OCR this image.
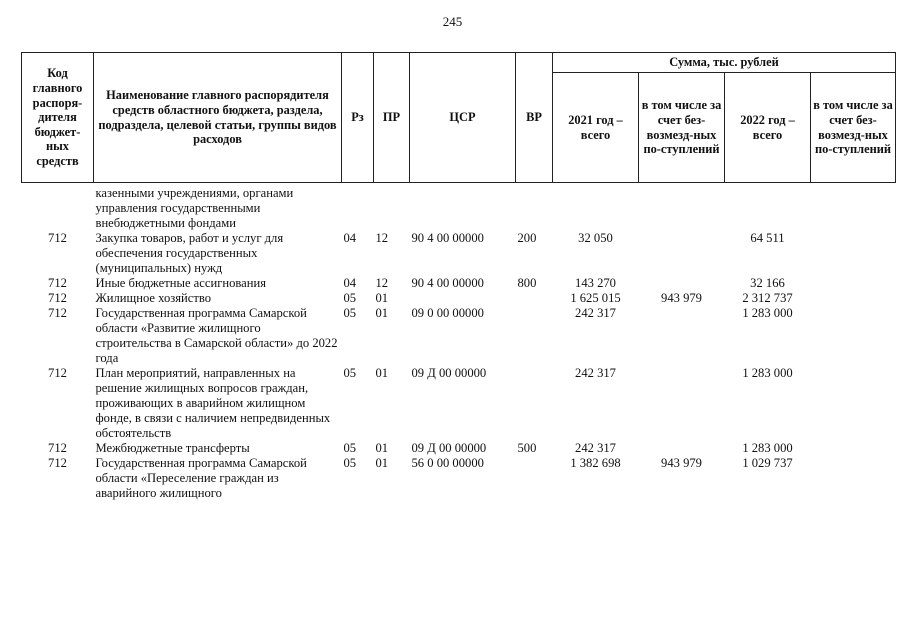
245
Код главного распоря-дителя бюджет-ных средств	Наименование главного распорядителя средств областного бюджета, раздела, подраздела, целевой статьи, группы видов расходов	Рз	ПР	ЦСР	ВР	Сумма, тыс. рублей			
						2021 год – всего	в том числе за счет без-возмезд-ных по-ступлений	2022 год – всего	в том числе за счет без-возмезд-ных по-ступлений
	казенными учреждениями, органами управления государственными внебюджетными фондами								
712	Закупка товаров, работ и услуг для обеспечения государственных (муниципальных) нужд	04	12	90 4 00 00000	200	32 050		64 511	
712	Иные бюджетные ассигнования	04	12	90 4 00 00000	800	143 270		32 166	
712	Жилищное хозяйство	05	01			1 625 015	943 979	2 312 737	
712	Государственная программа Самарской области «Развитие жилищного строительства в Самарской области» до 2022 года	05	01	09 0 00 00000		242 317		1 283 000	
712	План мероприятий, направленных на решение жилищных вопросов граждан, проживающих в аварийном жилищном фонде, в связи с наличием непредвиденных обстоятельств	05	01	09 Д 00 00000		242 317		1 283 000	
712	Межбюджетные трансферты	05	01	09 Д 00 00000	500	242 317		1 283 000	
712	Государственная программа Самарской области «Переселение граждан из аварийного жилищного	05	01	56 0 00 00000		1 382 698	943 979	1 029 737	
